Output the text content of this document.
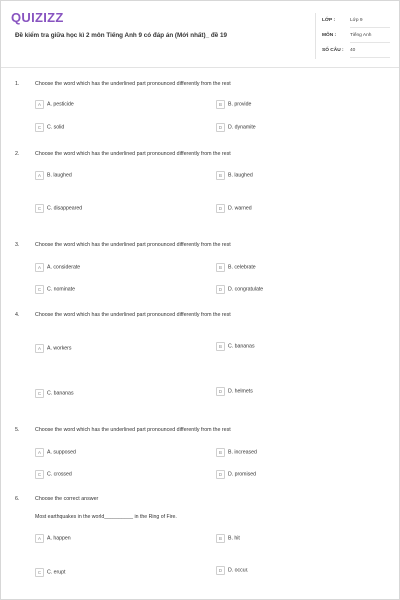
QUIZIZZ
Đề kiểm tra giữa học kì 2 môn Tiếng Anh 9 có đáp án (Mới nhất)_ đề 19
LỚP :	Lớp 9
MÔN :	Tiếng Anh
SỐ CÂU : 40
1.	Choose the word which has the underlined part pronounced differently from the rest
A A. pesticide	B B. provide
C C. solid	D D. dynamite
2.	Choose the word which has the underlined part pronounced differently from the rest
A B. laughed	B B. laughed
C C. disappeared	D D. warned
3.	Choose the word which has the underlined part pronounced differently from the rest
A A. considerate	B B. celebrate
C C. nominate	D D. congratulate
4.	Choose the word which has the underlined part pronounced differently from the rest
A A. workers	B C. bananas
C C. bananas	D D. helmets
5.	Choose the word which has the underlined part pronounced differently from the rest
A A. supposed	B B. increased
C C. crossed	D D. promised
6.	Choose the correct answer
Most earthquakes in the world__________ in the Ring of Fire.
A A. happen	B B. hit
C C. erupt	D D. occur.
